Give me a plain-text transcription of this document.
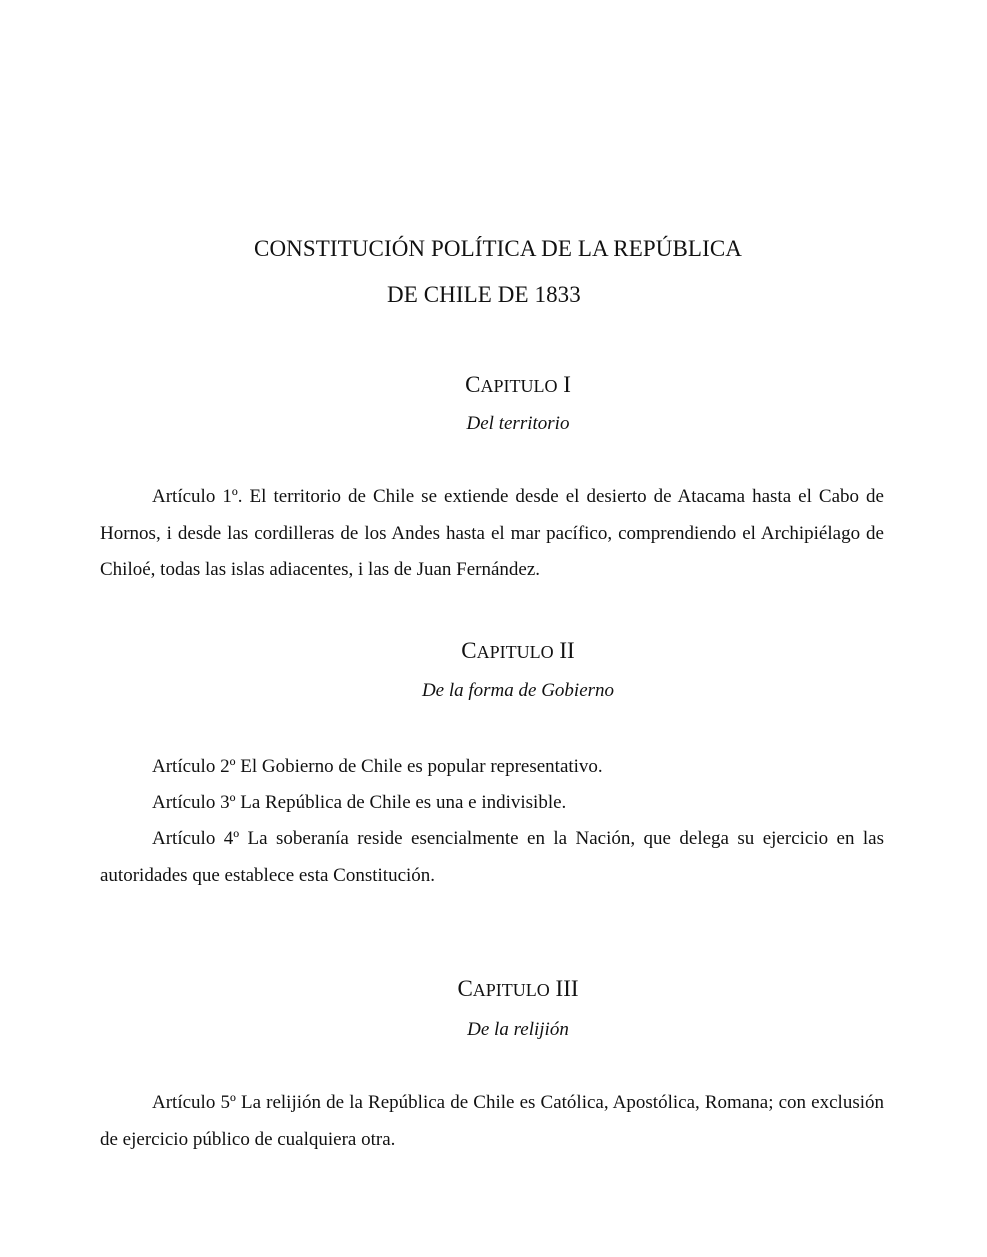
CONSTITUCIÓN POLÍTICA DE LA REPÚBLICA
DE CHILE DE 1833
CAPITULO I
Del territorio
Artículo 1º. El territorio de Chile se extiende desde el desierto de Atacama hasta el Cabo de Hornos, i desde las cordilleras de los Andes hasta el mar pacífico, comprendiendo el Archipiélago de Chiloé, todas las islas adiacentes, i las de Juan Fernández.
CAPITULO II
De la forma de Gobierno
Artículo 2º El Gobierno de Chile es popular representativo.
Artículo 3º La República de Chile es una e indivisible.
Artículo 4º La soberanía reside esencialmente en la Nación, que delega su ejercicio en las autoridades que establece esta Constitución.
CAPITULO III
De la relijión
Artículo 5º La relijión de la República de Chile es Católica, Apostólica, Romana; con exclusión de ejercicio público de cualquiera otra.
